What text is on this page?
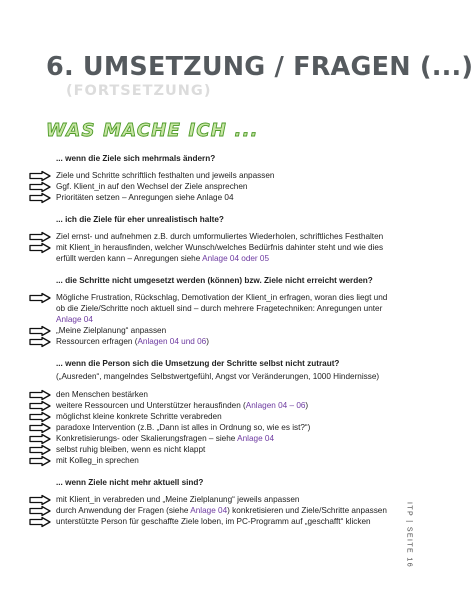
6. UMSETZUNG / FRAGEN (...)
(FORTSETZUNG)
WAS MACHE ICH ...
... wenn die Ziele sich mehrmals ändern?
Ziele und Schritte schriftlich festhalten und jeweils anpassen
Ggf. Klient_in auf den Wechsel der Ziele ansprechen
Prioritäten setzen – Anregungen siehe Anlage 04
... ich die Ziele für eher unrealistisch halte?
Ziel ernst- und aufnehmen z.B. durch umformuliertes Wiederholen, schriftliches Festhalten
mit Klient_in herausfinden, welcher Wunsch/welches Bedürfnis dahinter steht und wie dies erfüllt werden kann – Anregungen siehe Anlage 04 oder 05
... die Schritte nicht umgesetzt werden (können) bzw. Ziele nicht erreicht werden?
Mögliche Frustration, Rückschlag, Demotivation der Klient_in erfragen, woran dies liegt und ob die Ziele/Schritte noch aktuell sind – durch mehrere Fragetechniken: Anregungen unter Anlage 04
„Meine Zielplanung“ anpassen
Ressourcen erfragen (Anlagen 04 und 06)
... wenn die Person sich die Umsetzung der Schritte selbst nicht zutraut?
(„Ausreden“, mangelndes Selbstwertgefühl, Angst vor Veränderungen, 1000 Hindernisse)
den Menschen bestärken
weitere Ressourcen und Unterstützer herausfinden (Anlagen 04 – 06)
möglichst kleine konkrete Schritte verabreden
paradoxe Intervention (z.B. „Dann ist alles in Ordnung so, wie es ist?“)
Konkretisierungs- oder Skalierungsfragen – siehe Anlage 04
selbst ruhig bleiben, wenn es nicht klappt
mit Kolleg_in sprechen
... wenn Ziele nicht mehr aktuell sind?
mit Klient_in verabreden und „Meine Zielplanung“ jeweils anpassen
durch Anwendung der Fragen (siehe Anlage 04) konkretisieren und Ziele/Schritte anpassen
unterstützte Person für geschaffte Ziele loben, im PC-Programm auf „geschafft“ klicken	ITP | SEITE 16
